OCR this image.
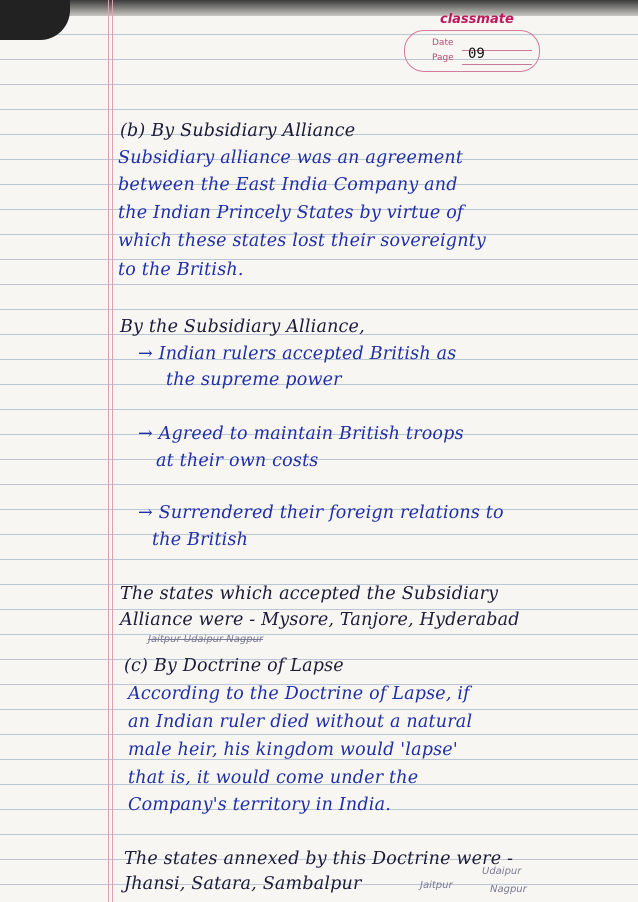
classmate
Date
Page 09
(b) By Subsidiary Alliance
Subsidiary alliance was an agreement
between the East India Company and
the Indian Princely States by virtue of
which these states lost their sovereignty
to the British.
By the Subsidiary Alliance,
→ Indian rulers accepted British as
the supreme power
→ Agreed to maintain British troops
at their own costs
→ Surrendered their foreign relations to
the British
The states which accepted the Subsidiary
Alliance were - Mysore, Tanjore, Hyderabad
Jaitpur Udaipur Nagpur
(c) By Doctrine of Lapse
According to the Doctrine of Lapse, if
an Indian ruler died without a natural
male heir, his kingdom would 'lapse'
that is, it would come under the
Company's territory in India.
The states annexed by this Doctrine were -
Jhansi, Satara, Sambalpur	Jaitpur
Udaipur
Nagpur
